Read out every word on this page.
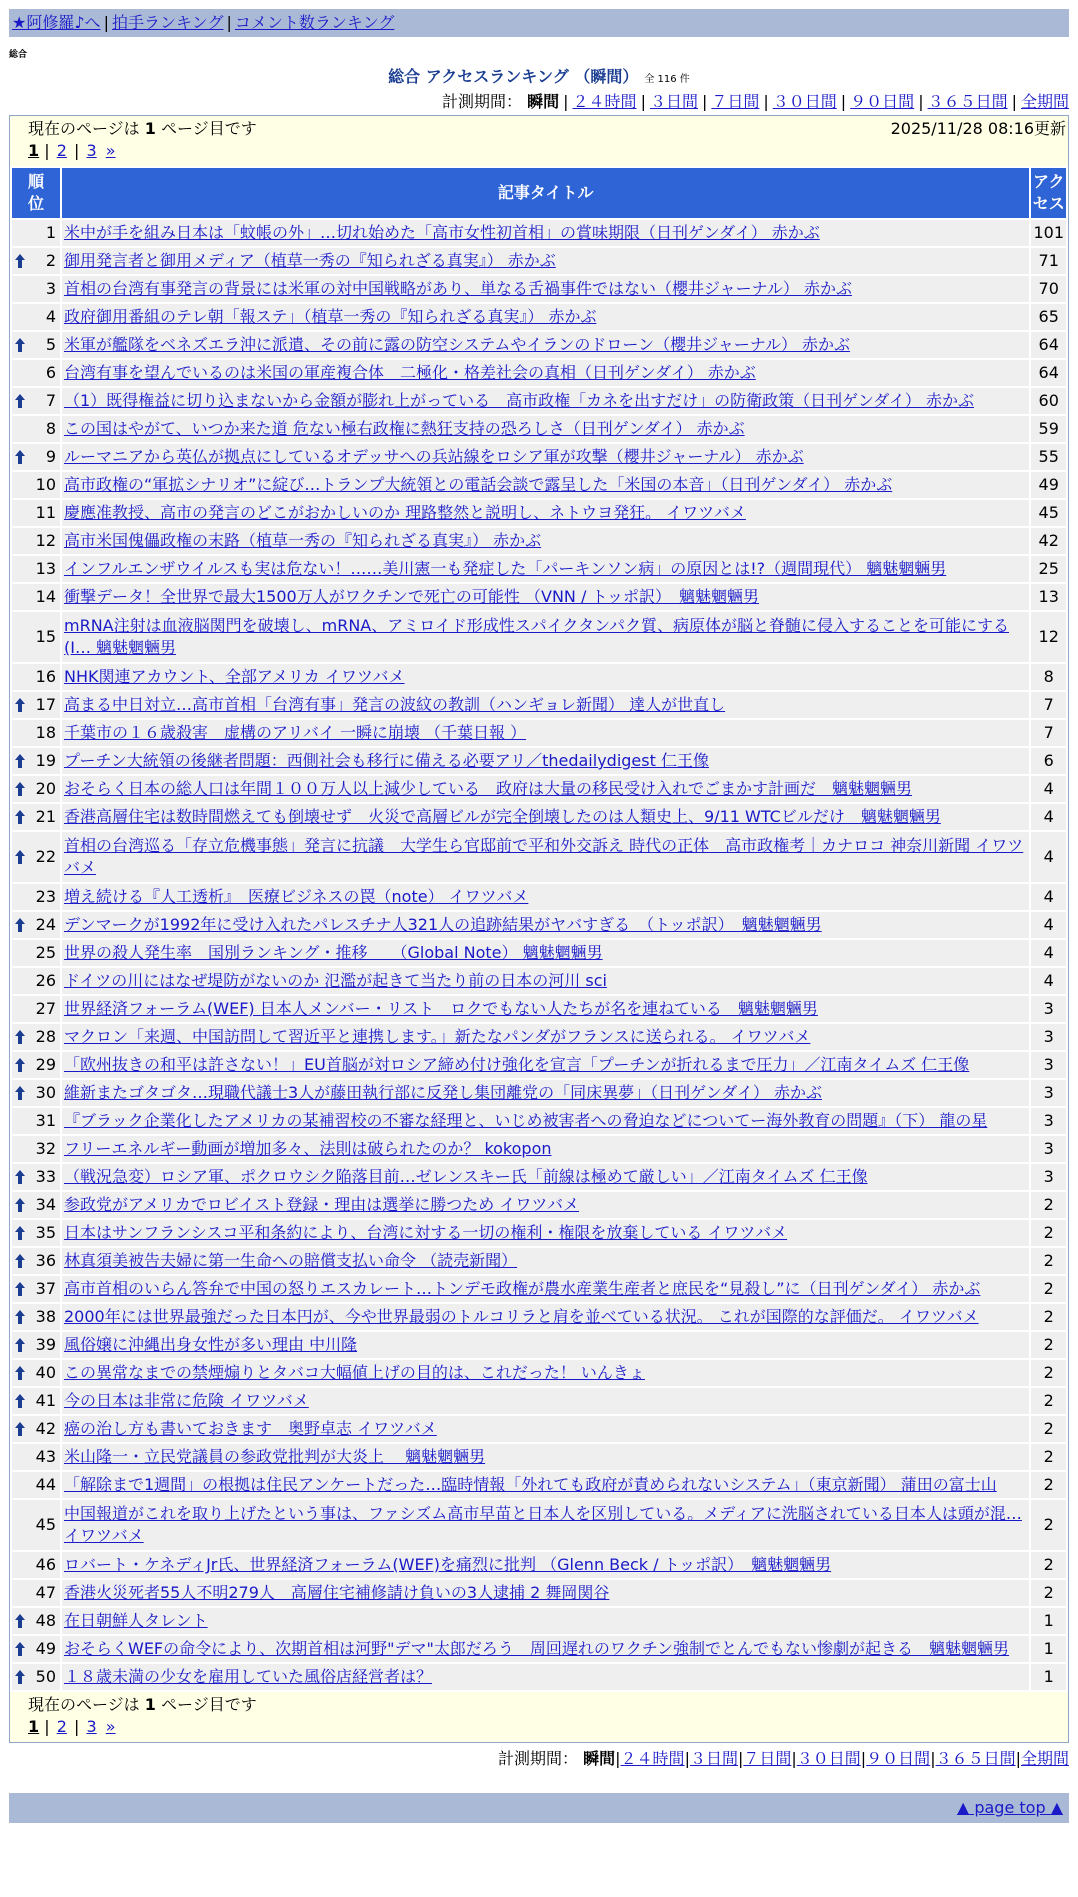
★阿修羅♪へ | 拍手ランキング | コメント数ランキング
総合
総合 アクセスランキング （瞬間） 全 116 件
計測期間： 瞬間 | ２４時間 | ３日間 | ７日間 | ３０日間 | ９０日間 | ３６５日間 | 全期間
現在のページは 1 ページ目です	2025/11/28 08:16更新
1 | 2 | 3 »
順位	記事タイトル	アクセス
1	米中が手を組み日本は「蚊帳の外」…切れ始めた「高市女性初首相」の賞味期限（日刊ゲンダイ） 赤かぶ	101

2	御用発言者と御用メディア（植草一秀の『知られざる真実』） 赤かぶ	71
3	首相の台湾有事発言の背景には米軍の対中国戦略があり、単なる舌禍事件ではない（櫻井ジャーナル） 赤かぶ	70
4	政府御用番組のテレ朝「報ステ」（植草一秀の『知られざる真実』） 赤かぶ	65

5	米軍が艦隊をベネズエラ沖に派遣、その前に露の防空システムやイランのドローン（櫻井ジャーナル） 赤かぶ	64
6	台湾有事を望んでいるのは米国の軍産複合体　二極化・格差社会の真相（日刊ゲンダイ） 赤かぶ	64

7	（1）既得権益に切り込まないから金額が膨れ上がっている　高市政権「カネを出すだけ」の防衛政策（日刊ゲンダイ） 赤かぶ	60
8	この国はやがて、いつか来た道 危ない極右政権に熱狂支持の恐ろしさ（日刊ゲンダイ） 赤かぶ	59

9	ルーマニアから英仏が拠点にしているオデッサへの兵站線をロシア軍が攻撃（櫻井ジャーナル） 赤かぶ	55
10	高市政権の“軍拡シナリオ”に綻び…トランプ大統領との電話会談で露呈した「米国の本音」（日刊ゲンダイ） 赤かぶ	49
11	慶應准教授、高市の発言のどこがおかしいのか 理路整然と説明し、ネトウヨ発狂。 イワツバメ	45
12	高市米国傀儡政権の末路（植草一秀の『知られざる真実』） 赤かぶ	42
13	インフルエンザウイルスも実は危ない！……美川憲一も発症した「パーキンソン病」の原因とは!?（週間現代） 魑魅魍魎男	25
14	衝撃データ！全世界で最大1500万人がワクチンで死亡の可能性 （VNN / トッポ訳）　魑魅魍魎男	13
15	mRNA注射は血液脳関門を破壊し、mRNA、アミロイド形成性スパイクタンパク質、病原体が脳と脊髄に侵入することを可能にする(I… 魑魅魍魎男	12
16	NHK関連アカウント、全部アメリカ イワツバメ	8

17	高まる中日対立…高市首相「台湾有事」発言の波紋の教訓（ハンギョレ新聞） 達人が世直し	7
18	千葉市の１６歳殺害　虚構のアリバイ 一瞬に崩壊 （千葉日報 ）	7

19	プーチン大統領の後継者問題：西側社会も移行に備える必要アリ／thedailydigest 仁王像	6

20	おそらく日本の総人口は年間１００万人以上減少している　政府は大量の移民受け入れでごまかす計画だ　魑魅魍魎男	4

21	香港高層住宅は数時間燃えても倒壊せず　火災で高層ビルが完全倒壊したのは人類史上、9/11 WTCビルだけ　魑魅魍魎男	4

22	首相の台湾巡る「存立危機事態」発言に抗議　大学生ら官邸前で平和外交訴え 時代の正体　高市政権考｜カナロコ 神奈川新聞 イワツバメ	4
23	増え続ける『人工透析』　医療ビジネスの罠（note） イワツバメ	4

24	デンマークが1992年に受け入れたパレスチナ人321人の追跡結果がヤバすぎる　（トッポ訳）　魑魅魍魎男	4
25	世界の殺人発生率　国別ランキング・推移　　（Global Note） 魑魅魍魎男	4
26	ドイツの川にはなぜ堤防がないのか 氾濫が起きて当たり前の日本の河川 sci	4
27	世界経済フォーラム(WEF) 日本人メンバー・リスト　ロクでもない人たちが名を連ねている　魑魅魍魎男	3

28	マクロン「来週、中国訪問して習近平と連携します。」新たなパンダがフランスに送られる。 イワツバメ	3

29	「欧州抜きの和平は許さない！」EU首脳が対ロシア締め付け強化を宣言「プーチンが折れるまで圧力」／江南タイムズ 仁王像	3

30	維新またゴタゴタ…現職代議士3人が藤田執行部に反発し集団離党の「同床異夢」（日刊ゲンダイ） 赤かぶ	3
31	『ブラック企業化したアメリカの某補習校の不審な経理と、いじめ被害者への脅迫などについてー海外教育の問題』（下） 龍の星	3
32	フリーエネルギー動画が増加多々、法則は破られたのか？ kokopon	3

33	（戦況急変）ロシア軍、ポクロウシク陥落目前…ゼレンスキー氏「前線は極めて厳しい」／江南タイムズ 仁王像	3

34	参政党がアメリカでロビイスト登録・理由は選挙に勝つため イワツバメ	2

35	日本はサンフランシスコ平和条約により、台湾に対する一切の権利・権限を放棄している イワツバメ	2

36	林真須美被告夫婦に第一生命への賠償支払い命令 （読売新聞）	2

37	高市首相のいらん答弁で中国の怒りエスカレート…トンデモ政権が農水産業生産者と庶民を“見殺し”に（日刊ゲンダイ） 赤かぶ	2

38	2000年には世界最強だった日本円が、今や世界最弱のトルコリラと肩を並べている状況。 これが国際的な評価だ。 イワツバメ	2

39	風俗嬢に沖縄出身女性が多い理由 中川隆	2

40	この異常なまでの禁煙煽りとタバコ大幅値上げの目的は、これだった！ いんきょ	2

41	今の日本は非常に危険 イワツバメ	2

42	癌の治し方も書いておきます　奥野卓志 イワツバメ	2
43	米山隆一・立民党議員の参政党批判が大炎上　 魑魅魍魎男	2
44	「解除まで1週間」の根拠は住民アンケートだった…臨時情報「外れても政府が責められないシステム」（東京新聞） 蒲田の富士山	2
45	中国報道がこれを取り上げたという事は、ファシズム高市早苗と日本人を区別している。メディアに洗脳されている日本人は頭が混… イワツバメ	2
46	ロバート・ケネディJr氏、世界経済フォーラム(WEF)を痛烈に批判 （Glenn Beck / トッポ訳）　魑魅魍魎男	2
47	香港火災死者55人不明279人　高層住宅補修請け負いの3人逮捕 2 舞岡関谷	2

48	在日朝鮮人タレント	1

49	おそらくWEFの命令により、次期首相は河野"デマ"太郎だろう　周回遅れのワクチン強制でとんでもない惨劇が起きる　魑魅魍魎男	1

50	１８歳未満の少女を雇用していた風俗店経営者は？	1
現在のページは 1 ページ目です
1 | 2 | 3 »
計測期間： 瞬間|２４時間|３日間|７日間|３０日間|９０日間|３６５日間|全期間
▲ page top ▲
